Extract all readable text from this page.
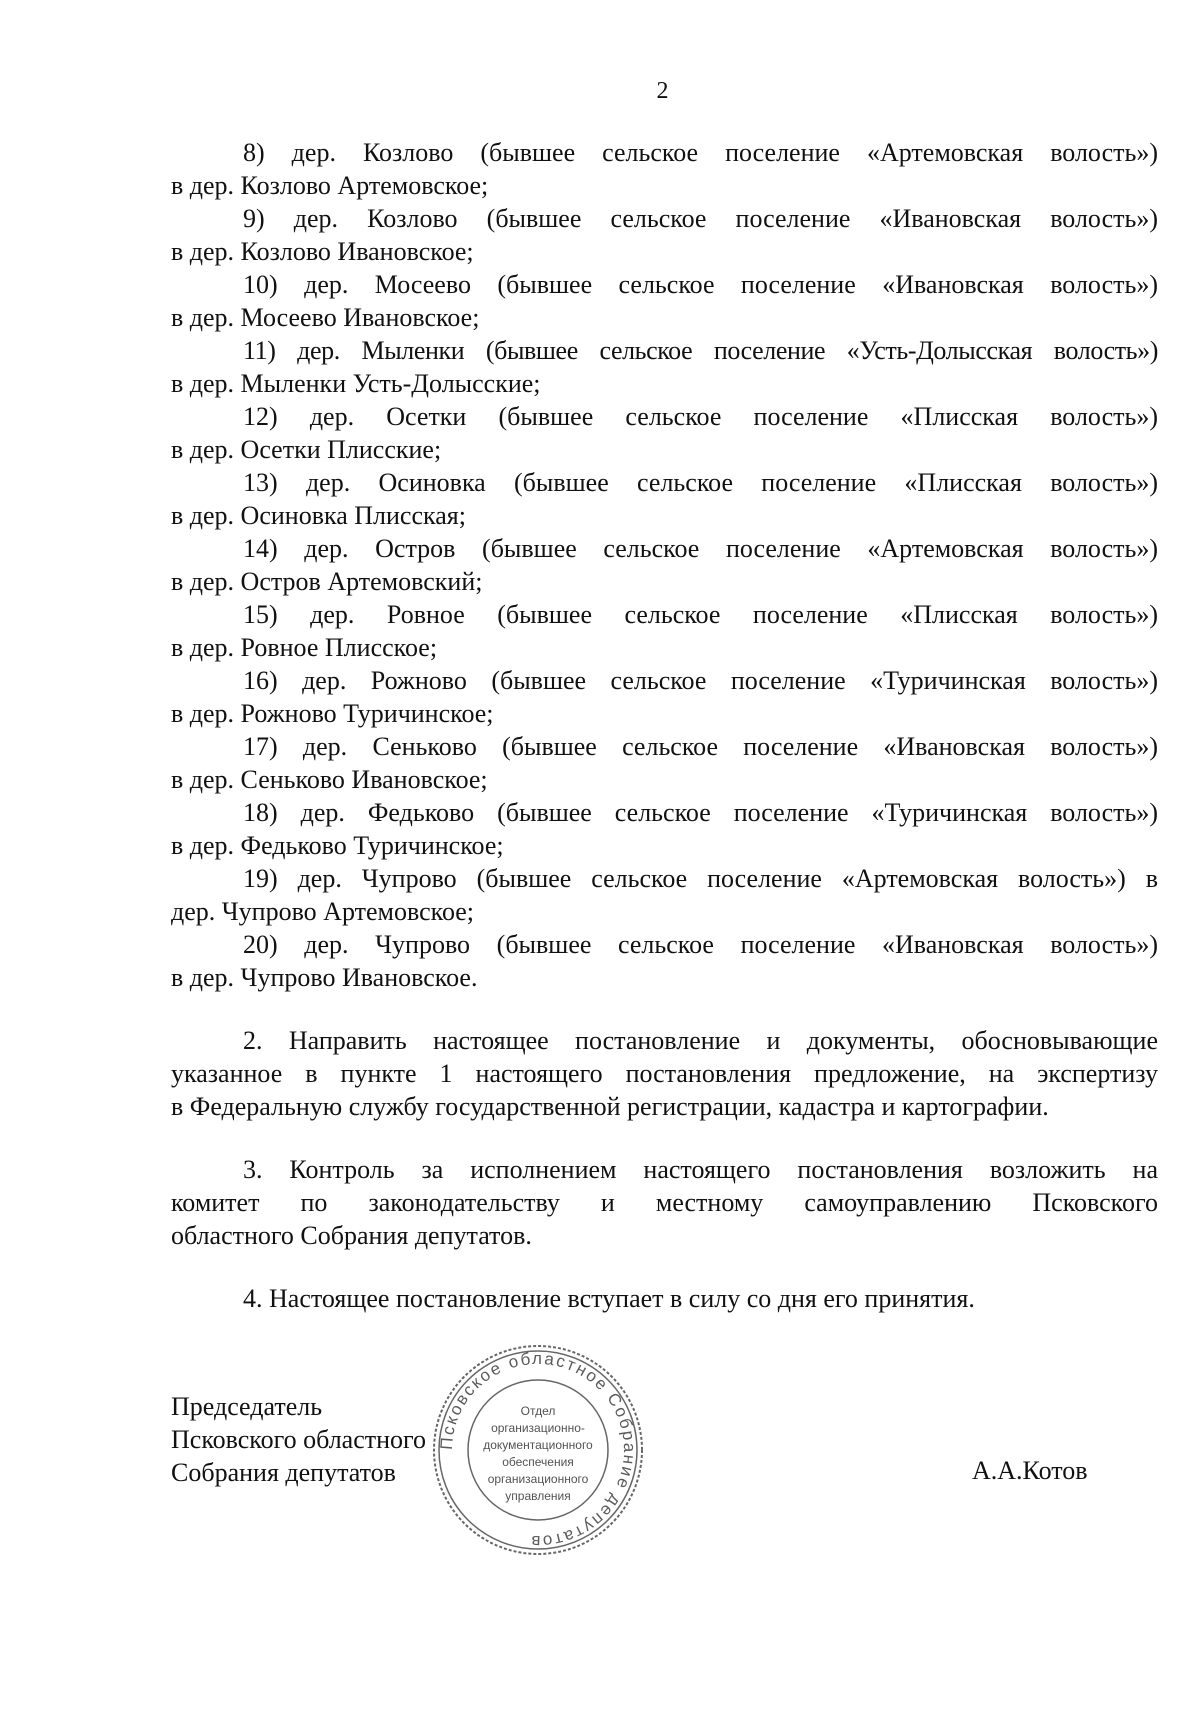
2
8) дер. Козлово (бывшее сельское поселение «Артемовская волость»)
в дер. Козлово Артемовское;
9) дер. Козлово (бывшее сельское поселение «Ивановская волость»)
в дер. Козлово Ивановское;
10) дер. Мосеево (бывшее сельское поселение «Ивановская волость»)
в дер. Мосеево Ивановское;
11) дер. Мыленки (бывшее сельское поселение «Усть-Долысская волость»)
в дер. Мыленки Усть-Долысские;
12) дер. Осетки (бывшее сельское поселение «Плисская волость»)
в дер. Осетки Плисские;
13) дер. Осиновка (бывшее сельское поселение «Плисская волость»)
в дер. Осиновка Плисская;
14) дер. Остров (бывшее сельское поселение «Артемовская волость»)
в дер. Остров Артемовский;
15) дер. Ровное (бывшее сельское поселение «Плисская волость»)
в дер. Ровное Плисское;
16) дер. Рожново (бывшее сельское поселение «Туричинская волость»)
в дер. Рожново Туричинское;
17) дер. Сеньково (бывшее сельское поселение «Ивановская волость»)
в дер. Сеньково Ивановское;
18) дер. Федьково (бывшее сельское поселение «Туричинская волость»)
в дер. Федьково Туричинское;
19) дер. Чупрово (бывшее сельское поселение «Артемовская волость») в
дер. Чупрово Артемовское;
20) дер. Чупрово (бывшее сельское поселение «Ивановская волость»)
в дер. Чупрово Ивановское.
2. Направить настоящее постановление и документы, обосновывающие
указанное в пункте 1 настоящего постановления предложение, на экспертизу
в Федеральную службу государственной регистрации, кадастра и картографии.
3. Контроль за исполнением настоящего постановления возложить на
комитет по законодательству и местному самоуправлению Псковского
областного Собрания депутатов.
4. Настоящее постановление вступает в силу со дня его принятия.
Председатель
Псковского областного
Собрания депутатов	А.А.Котов
Псковское областное Собрание депутатов
Отдел
организационно-
документационного
обеспечения
организационного
управления
